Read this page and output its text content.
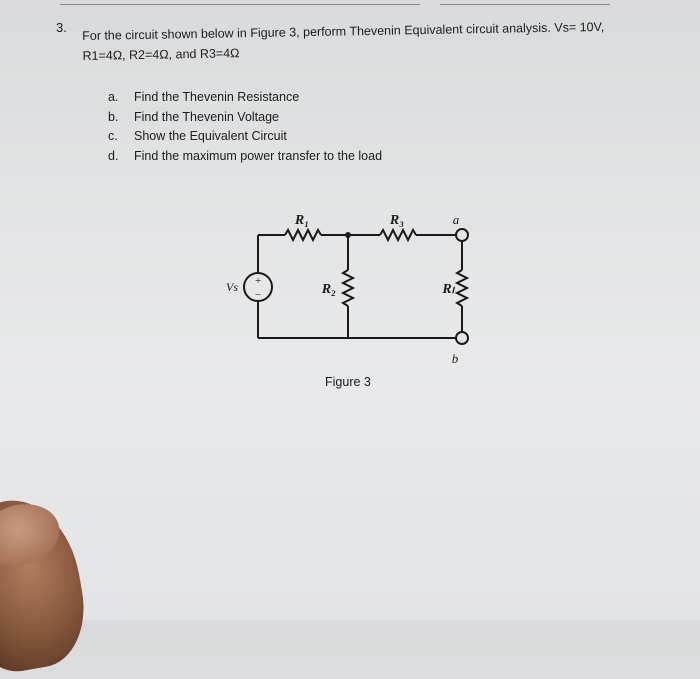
3. For the circuit shown below in Figure 3, perform Thevenin Equivalent circuit analysis. Vs= 10V,
R1=4Ω, R2=4Ω, and R3=4Ω
a.	Find the Thevenin Resistance
b.	Find the Thevenin Voltage
c.	Show the Equivalent Circuit
d.	Find the maximum power transfer to the load
+
−
Vs
R₁	R₃	a
R₂	Rₗ
b
Figure 3
